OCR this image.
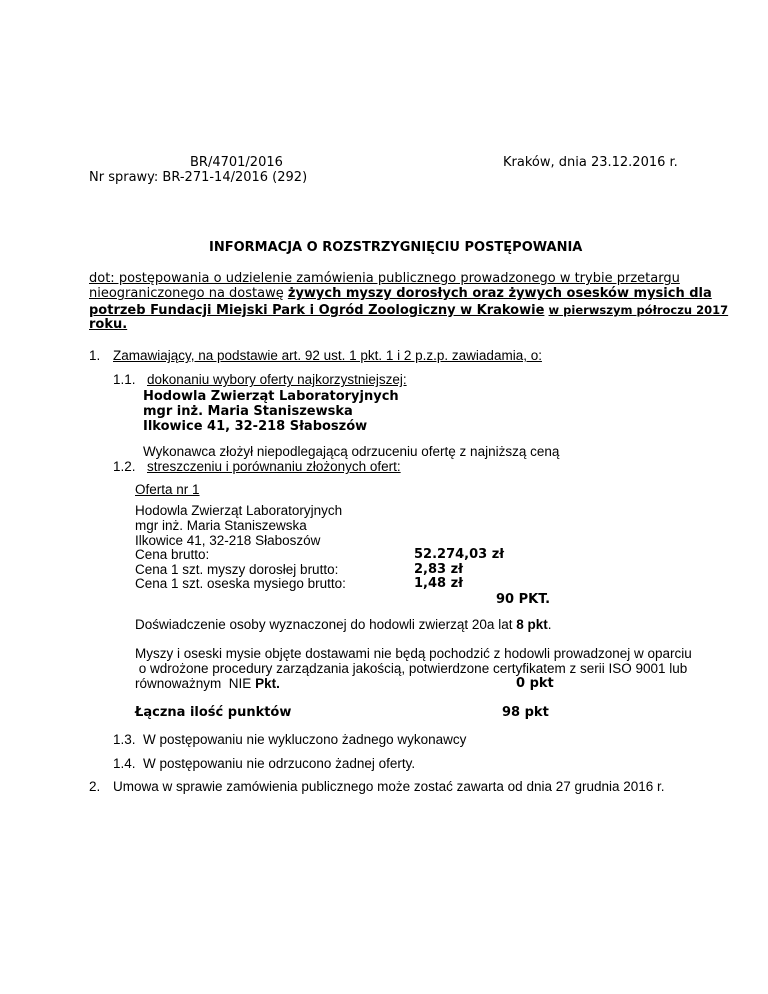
BR/4701/2016
Nr sprawy: BR-271-14/2016 (292)
Kraków, dnia 23.12.2016 r.
INFORMACJA O ROZSTRZYGNIĘCIU POSTĘPOWANIA
dot: postępowania o udzielenie zamówienia publicznego prowadzonego w trybie przetargu
nieograniczonego na dostawę żywych myszy dorosłych oraz żywych osesków mysich dla
potrzeb Fundacji Miejski Park i Ogród Zoologiczny w Krakowie w pierwszym półroczu 2017
roku.
1. Zamawiający, na podstawie art. 92 ust. 1 pkt. 1 i 2 p.z.p. zawiadamia, o:
1.1. dokonaniu wybory oferty najkorzystniejszej:
Hodowla Zwierząt Laboratoryjnych
mgr inż. Maria Staniszewska
Ilkowice 41, 32-218 Słaboszów
Wykonawca złożył niepodlegającą odrzuceniu ofertę z najniższą ceną
1.2. streszczeniu i porównaniu złożonych ofert:
Oferta nr 1
Hodowla Zwierząt Laboratoryjnych
mgr inż. Maria Staniszewska
Ilkowice 41, 32-218 Słaboszów
Cena brutto:	52.274,03 zł
Cena 1 szt. myszy dorosłej brutto:	2,83 zł
Cena 1 szt. oseska mysiego brutto:	1,48 zł
90 PKT.
Doświadczenie osoby wyznaczonej do hodowli zwierząt 20a lat 8 pkt.
Myszy i oseski mysie objęte dostawami nie będą pochodzić z hodowli prowadzonej w oparciu
o wdrożone procedury zarządzania jakością, potwierdzone certyfikatem z serii ISO 9001 lub
równoważnym  NIE Pkt.	0 pkt
Łączna ilość punktów	98 pkt
1.3. W postępowaniu nie wykluczono żadnego wykonawcy
1.4. W postępowaniu nie odrzucono żadnej oferty.
2. Umowa w sprawie zamówienia publicznego może zostać zawarta od dnia 27 grudnia 2016 r.
